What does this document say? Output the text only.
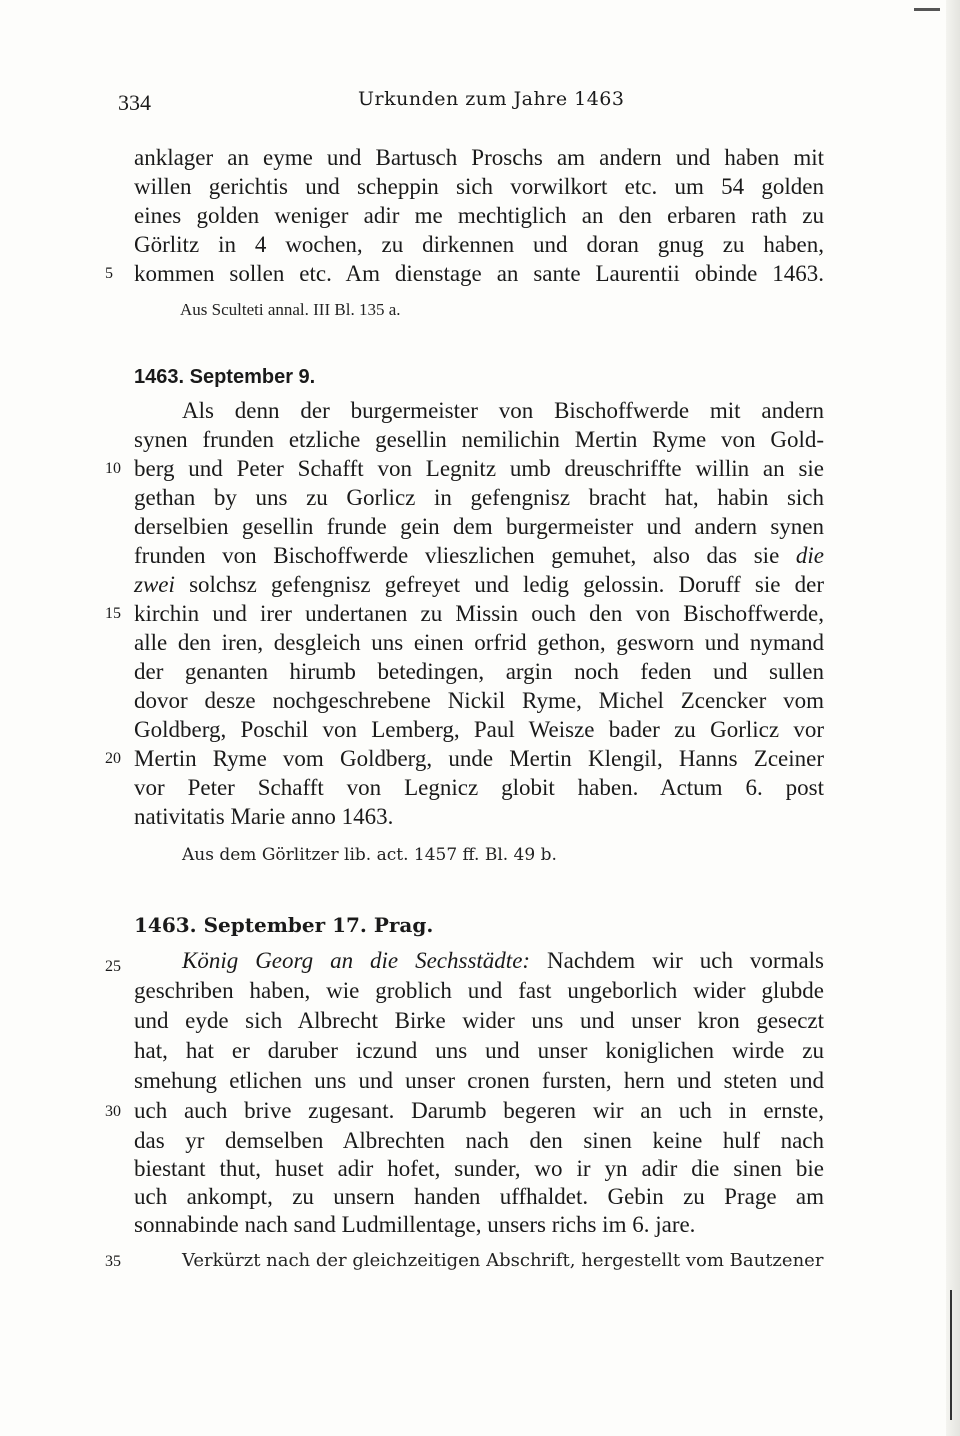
334	Urkunden zum Jahre 1463
anklager an eyme und Bartusch Proschs am andern und haben mit
willen gerichtis und scheppin sich vorwilkort etc. um 54 golden
eines golden weniger adir me mechtiglich an den erbaren rath zu
Görlitz in 4 wochen, zu dirkennen und doran gnug zu haben,
kommen sollen etc. Am dienstage an sante Laurentii obinde 1463.
Aus Sculteti annal. III Bl. 135 a.
1463. September 9.
Als denn der burgermeister von Bischoffwerde mit andern
synen frunden etzliche gesellin nemilichin Mertin Ryme von Gold-
berg und Peter Schafft von Legnitz umb dreuschriffte willin an sie
gethan by uns zu Gorlicz in gefengnisz bracht hat, habin sich
derselbien gesellin frunde gein dem burgermeister und andern synen
frunden von Bischoffwerde vlieszlichen gemuhet, also das sie die
zwei solchsz gefengnisz gefreyet und ledig gelossin. Doruff sie der
kirchin und irer undertanen zu Missin ouch den von Bischoffwerde,
alle den iren, desgleich uns einen orfrid gethon, gesworn und nymand
der genanten hirumb betedingen, argin noch feden und sullen
dovor desze nochgeschrebene Nickil Ryme, Michel Zcencker vom
Goldberg, Poschil von Lemberg, Paul Weisze bader zu Gorlicz vor
Mertin Ryme vom Goldberg, unde Mertin Klengil, Hanns Zceiner
vor Peter Schafft von Legnicz globit haben. Actum 6. post
nativitatis Marie anno 1463.
Aus dem Görlitzer lib. act. 1457 ff. Bl. 49 b.
1463. September 17. Prag.
König Georg an die Sechsstädte: Nachdem wir uch vormals
geschriben haben, wie groblich und fast ungeborlich wider glubde
und eyde sich Albrecht Birke wider uns und unser kron geseczt
hat, hat er daruber iczund uns und unser koniglichen wirde zu
smehung etlichen uns und unser cronen fursten, hern und steten und
uch auch brive zugesant. Darumb begeren wir an uch in ernste,
das yr demselben Albrechten nach den sinen keine hulf nach
biestant thut, huset adir hofet, sunder, wo ir yn adir die sinen bie
uch ankompt, zu unsern handen uffhaldet. Gebin zu Prage am
sonnabinde nach sand Ludmillentage, unsers richs im 6. jare.
Verkürzt nach der gleichzeitigen Abschrift, hergestellt vom Bautzener
5
10
15
20
25
30
35
